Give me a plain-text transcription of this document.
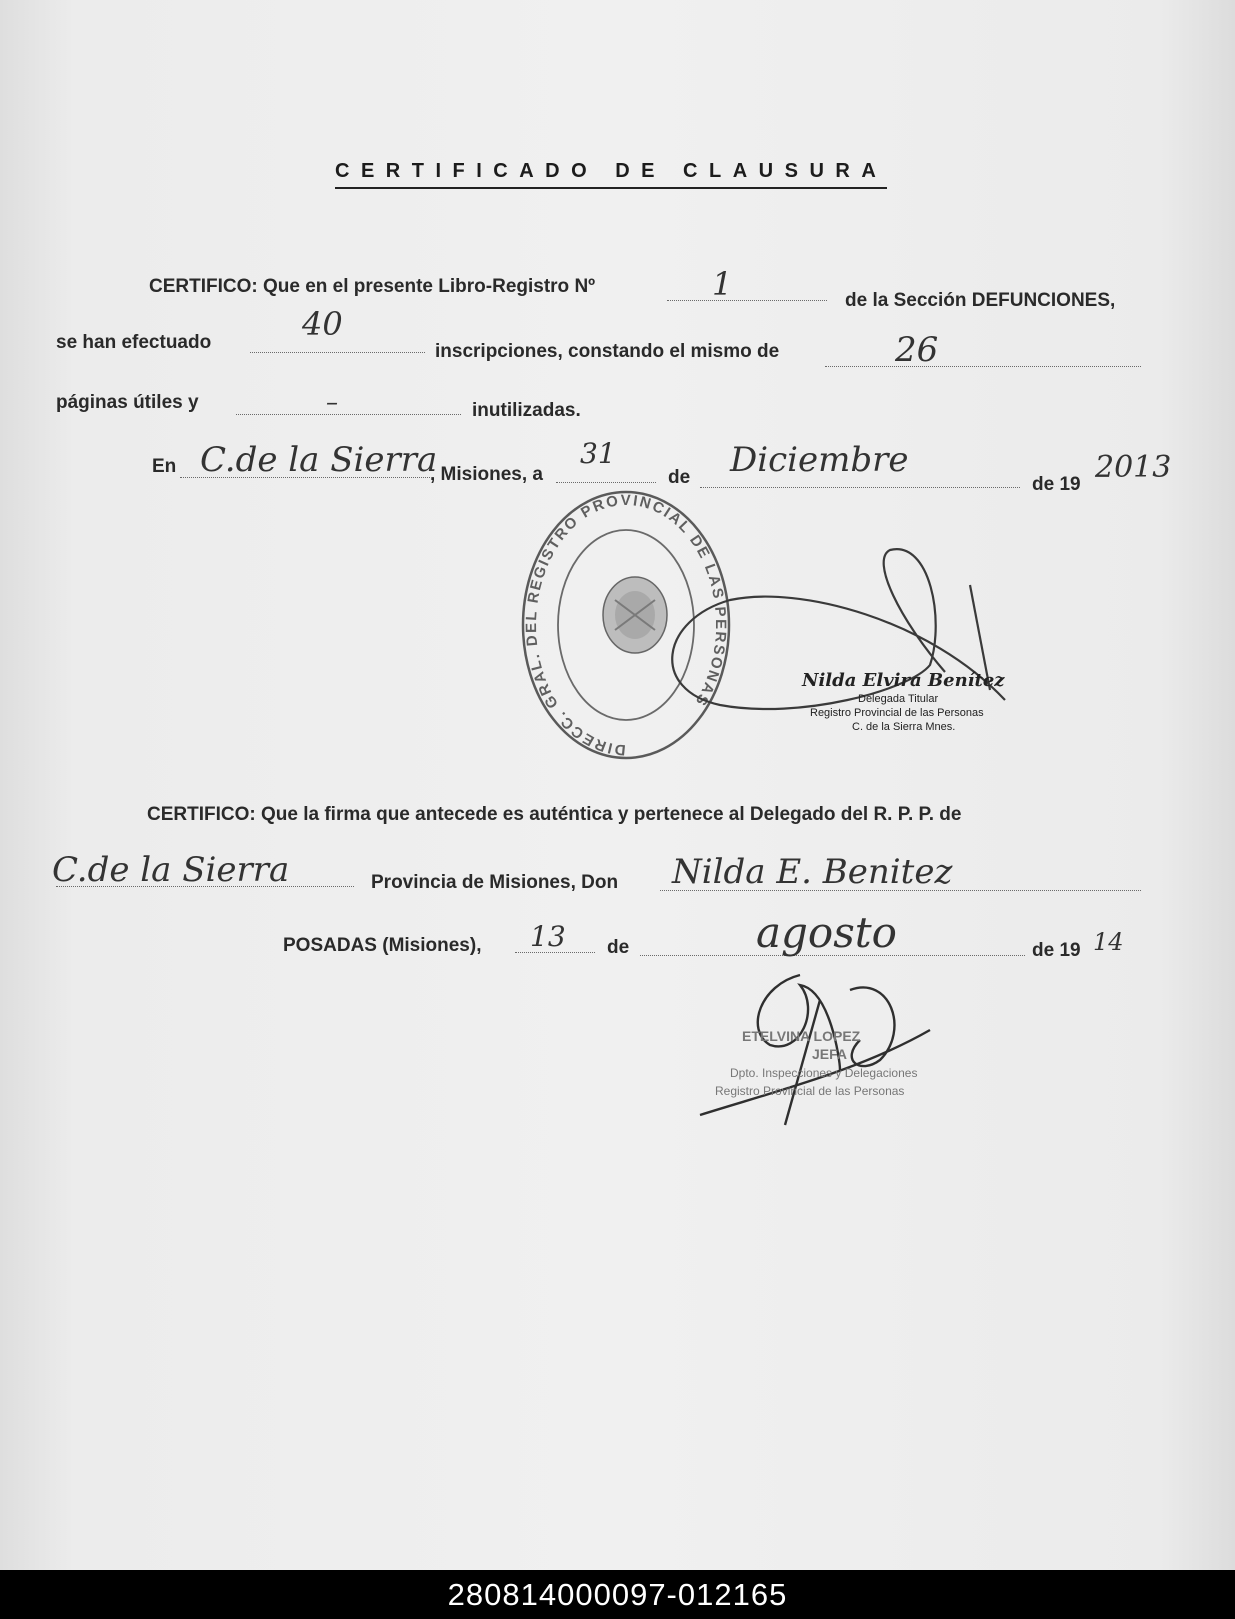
CERTIFICADO DE CLAUSURA
CERTIFICO: Que en el presente Libro-Registro Nº	1	de la Sección DEFUNCIONES,
se han efectuado	40
inscripciones, constando el mismo de	26
páginas útiles y	–	inutilizadas.
En C.de la Sierra
, Misiones, a
31
de Diciembre
de 19 2013
DIRECC. GRAL. DEL REGISTRO PROVINCIAL DE LAS PERSONAS
Nilda Elvira Benítez
Delegada Titular
Registro Provincial de las Personas
C. de la Sierra Mnes.
CERTIFICO: Que la firma que antecede es auténtica y pertenece al Delegado del R. P. P. de
C.de la Sierra	Provincia de Misiones, Don Nilda E. Benitez
POSADAS (Misiones), 13 de	agosto	de 19 14
ETELVINA LOPEZ
JEFA
Dpto. Inspecciones y Delegaciones
Registro Provincial de las Personas
280814000097-012165
